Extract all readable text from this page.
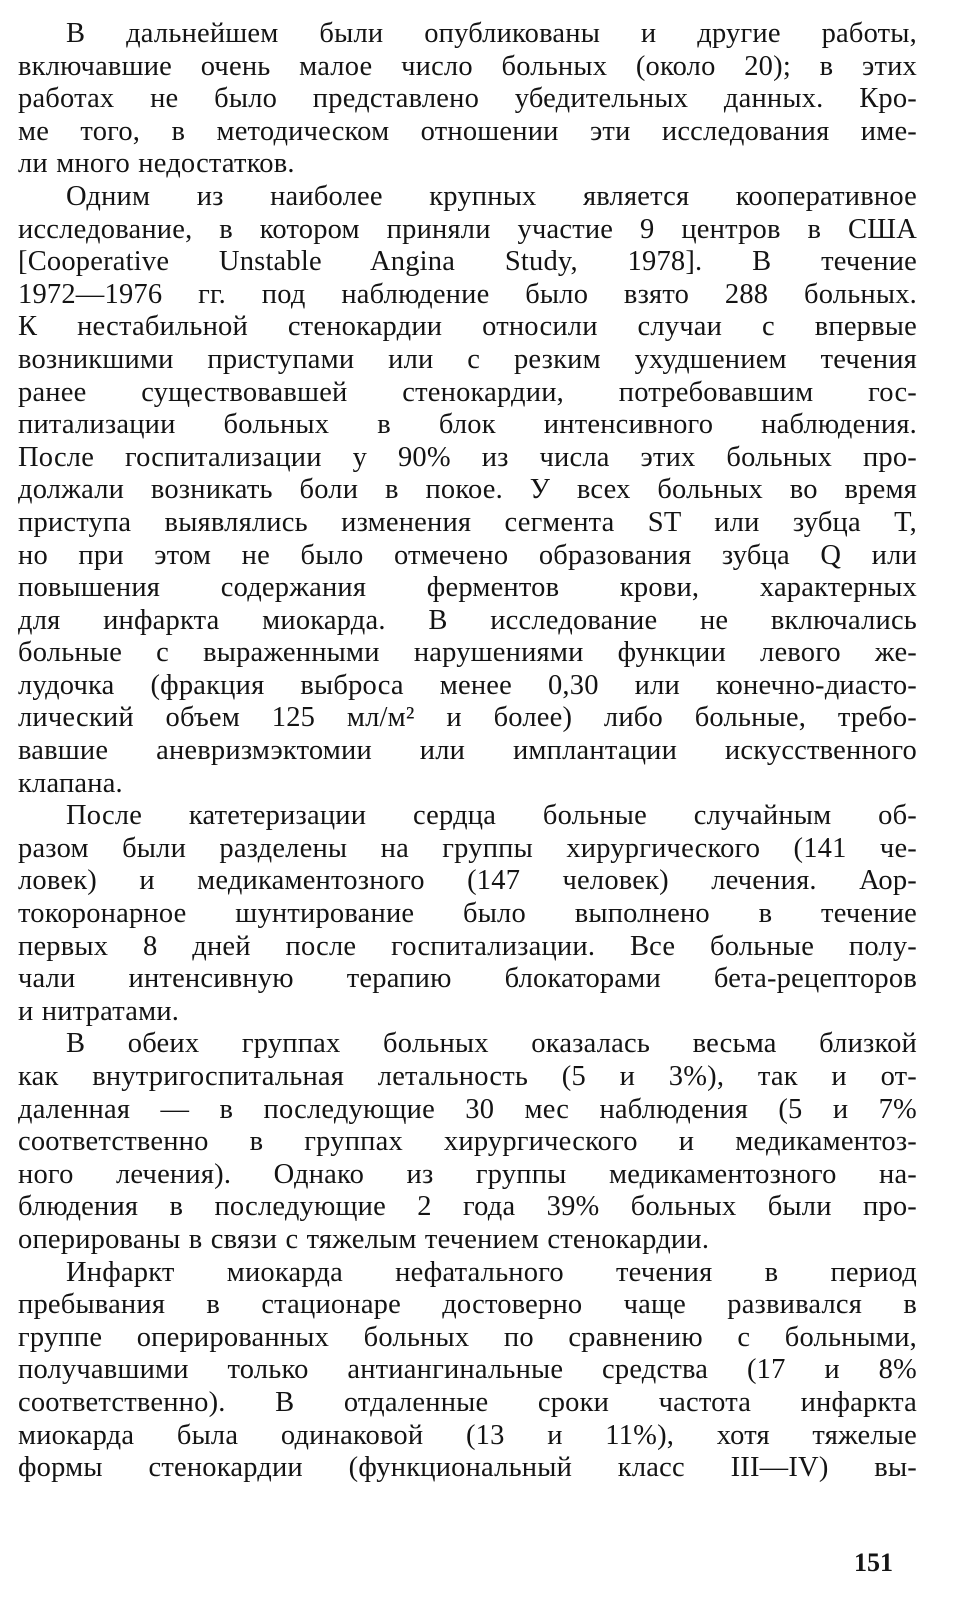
В дальнейшем были опубликованы и другие работы,
включавшие очень малое число больных (около 20); в этих
работах не было представлено убедительных данных. Кро-
ме того, в методическом отношении эти исследования име-
ли много недостатков.
Одним из наиболее крупных является кооперативное
исследование, в котором приняли участие 9 центров в США
[Cooperative Unstable Angina Study, 1978]. В течение
1972—1976 гг. под наблюдение было взято 288 больных.
К нестабильной стенокардии относили случаи с впервые
возникшими приступами или с резким ухудшением течения
ранее существовавшей стенокардии, потребовавшим гос-
питализации больных в блок интенсивного наблюдения.
После госпитализации у 90% из числа этих больных про-
должали возникать боли в покое. У всех больных во время
приступа выявлялись изменения сегмента ST или зубца T,
но при этом не было отмечено образования зубца Q или
повышения содержания ферментов крови, характерных
для инфаркта миокарда. В исследование не включались
больные с выраженными нарушениями функции левого же-
лудочка (фракция выброса менее 0,30 или конечно-диасто-
лический объем 125 мл/м² и более) либо больные, требо-
вавшие аневризмэктомии или имплантации искусственного
клапана.
После катетеризации сердца больные случайным об-
разом были разделены на группы хирургического (141 че-
ловек) и медикаментозного (147 человек) лечения. Аор-
токоронарное шунтирование было выполнено в течение
первых 8 дней после госпитализации. Все больные полу-
чали интенсивную терапию блокаторами бета-рецепторов
и нитратами.
В обеих группах больных оказалась весьма близкой
как внутригоспитальная летальность (5 и 3%), так и от-
даленная — в последующие 30 мес наблюдения (5 и 7%
соответственно в группах хирургического и медикаментоз-
ного лечения). Однако из группы медикаментозного на-
блюдения в последующие 2 года 39% больных были про-
оперированы в связи с тяжелым течением стенокардии.
Инфаркт миокарда нефатального течения в период
пребывания в стационаре достоверно чаще развивался в
группе оперированных больных по сравнению с больными,
получавшими только антиангинальные средства (17 и 8%
соответственно). В отдаленные сроки частота инфаркта
миокарда была одинаковой (13 и 11%), хотя тяжелые
формы стенокардии (функциональный класс III—IV) вы-
151
